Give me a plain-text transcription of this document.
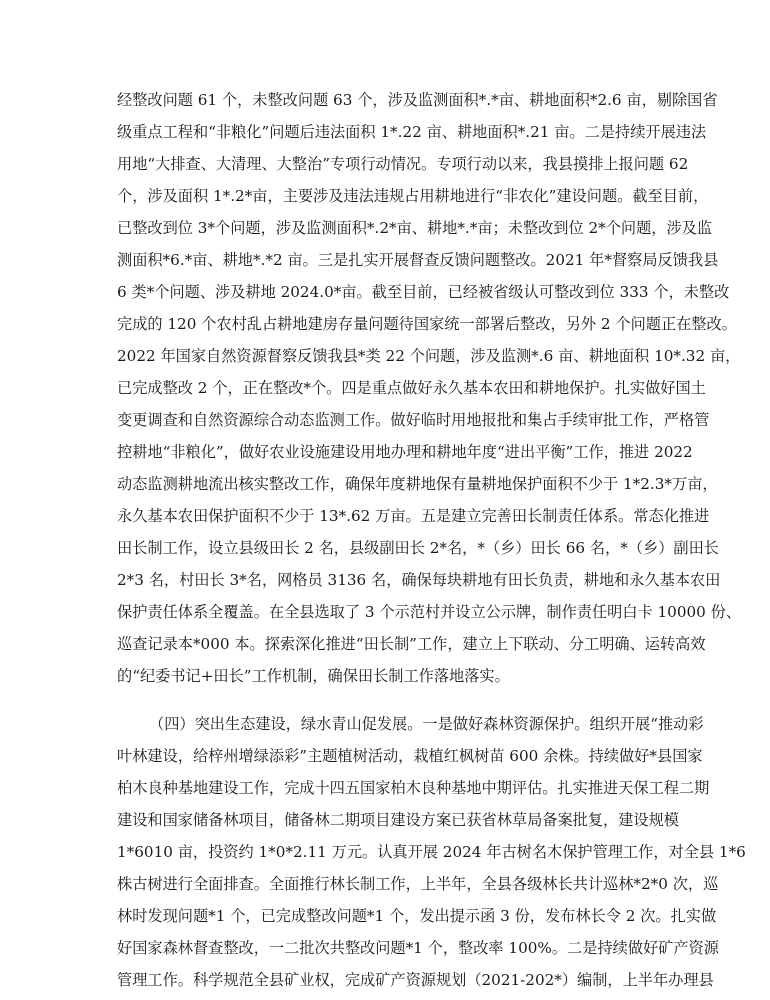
经整改问题 61 个，未整改问题 63 个，涉及监测面积*.*亩、耕地面积*2.6 亩，剔除国省
级重点工程和“非粮化”问题后违法面积 1*.22 亩、耕地面积*.21 亩。二是持续开展违法
用地“大排查、大清理、大整治”专项行动情况。专项行动以来，我县摸排上报问题 62
个，涉及面积 1*.2*亩，主要涉及违法违规占用耕地进行“非农化”建设问题。截至目前，
已整改到位 3*个问题，涉及监测面积*.2*亩、耕地*.*亩；未整改到位 2*个问题，涉及监
测面积*6.*亩、耕地*.*2 亩。三是扎实开展督查反馈问题整改。2021 年*督察局反馈我县
6 类*个问题、涉及耕地 2024.0*亩。截至目前，已经被省级认可整改到位 333 个，未整改
完成的 120 个农村乱占耕地建房存量问题待国家统一部署后整改，另外 2 个问题正在整改。
2022 年国家自然资源督察反馈我县*类 22 个问题，涉及监测*.6 亩、耕地面积 10*.32 亩，
已完成整改 2 个，正在整改*个。四是重点做好永久基本农田和耕地保护。扎实做好国土
变更调查和自然资源综合动态监测工作。做好临时用地报批和集占手续审批工作，严格管
控耕地“非粮化”，做好农业设施建设用地办理和耕地年度“进出平衡”工作，推进 2022
动态监测耕地流出核实整改工作，确保年度耕地保有量耕地保护面积不少于 1*2.3*万亩，
永久基本农田保护面积不少于 13*.62 万亩。五是建立完善田长制责任体系。常态化推进
田长制工作，设立县级田长 2 名，县级副田长 2*名，*（乡）田长 66 名，*（乡）副田长
2*3 名，村田长 3*名，网格员 3136 名，确保每块耕地有田长负责，耕地和永久基本农田
保护责任体系全覆盖。在全县选取了 3 个示范村并设立公示牌，制作责任明白卡 10000 份、
巡查记录本*000 本。探索深化推进“田长制”工作，建立上下联动、分工明确、运转高效
的“纪委书记+田长”工作机制，确保田长制工作落地落实。
（四）突出生态建设，绿水青山促发展。一是做好森林资源保护。组织开展“推动彩
叶林建设，给梓州增绿添彩”主题植树活动，栽植红枫树苗 600 余株。持续做好*县国家
柏木良种基地建设工作，完成十四五国家柏木良种基地中期评估。扎实推进天保工程二期
建设和国家储备林项目，储备林二期项目建设方案已获省林草局备案批复，建设规模
1*6010 亩，投资约 1*0*2.11 万元。认真开展 2024 年古树名木保护管理工作，对全县 1*6
株古树进行全面排查。全面推行林长制工作，上半年，全县各级林长共计巡林*2*0 次，巡
林时发现问题*1 个，已完成整改问题*1 个，发出提示函 3 份，发布林长令 2 次。扎实做
好国家森林督查整改，一二批次共整改问题*1 个，整改率 100%。二是持续做好矿产资源
管理工作。科学规范全县矿业权，完成矿产资源规划（2021-202*）编制，上半年办理县
